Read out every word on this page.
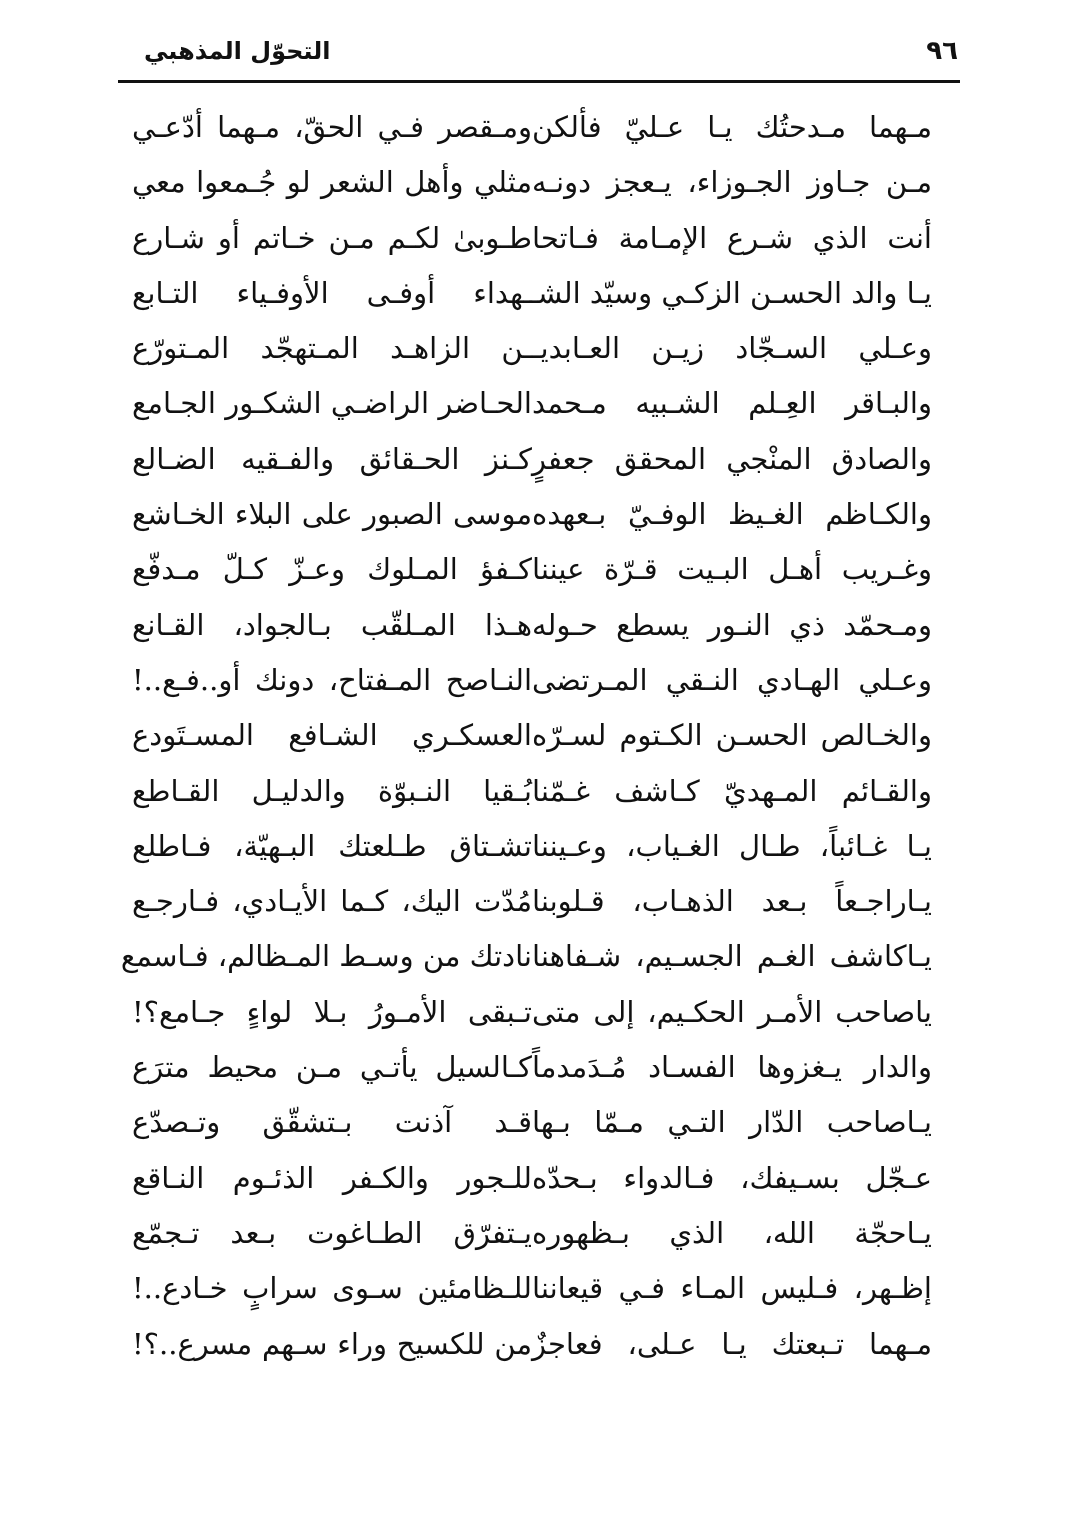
٩٦
التحوّل المذهبي
مـهما مـدحتُك يـا عـليّ فألكن
مـن جـاوز الجـوزاء، يـعجز دونـه
أنت الذي شـرع الإمـامة فـاتحا
يـا والد الحسـن الزكـي وسيّد الشـ
وعـلي السـجّاد زيـن العـابديـ
والبـاقر العِـلم الشـبيه مـحمد
والصادق المنْجي المحقق جعفرٍ
والكـاظم الغـيظ الوفـيّ بـعهده
وغـريب أهـل البـيت قـرّة عيننا
ومـحمّد ذي النـور يسطع حـوله
وعـلي الهـادي النـقي المـرتضى
والخـالص الحسـن الكـتوم لسـرّه
والقـائم المـهديّ كـاشف غـمّنا
يـا غـائباً، طـال الغـياب، وعـيننا
يـاراجـعاً بـعد الذهـاب، قـلوبنا
يـاكاشف الغـم الجسـيم، شـفاهنا
ياصاحب الأمـر الحكـيم، إلى متى
والدار يـغزوها الفسـاد مُـدَمدماً
يـاصاحب الدّار التـي مـمّا بـها
عـجّل بسـيفك، فـالدواء بـحدّه
يـاحجّة الله، الذي بـظهوره
إظـهر، فـليس المـاء فـي قيعاننا
مـهما تـبعتك يـا عـلى، فعاجزٌ
ومـقصر فـي الحقّ، مـهما أدّعـي
مثلي وأهل الشعر لو جُـمعوا معي
طـوبىٰ لكـم مـن خـاتم أو شـارع
ـهداء أوفـى الأوفـياء التـابع
ـن الزاهـد المـتهجّد المـتورّع
الحـاضر الراضـي الشكـور الجـامع
كـنز الحـقائق والفـقيه الضـالع
موسى الصبور على البلاء الخـاشع
كـفؤ المـلوك وعـزّ كـلّ مـدفّع
هـذا المـلقّب بـالجواد، القـانع
النـاصح المـفتاح، دونك أو..فـع..!
العسكـري الشـافع المسـتَودع
بُـقيا النـبوّة والدليـل القـاطع
تشـتاق طـلعتك البـهيّة، فـاطلع
مُدّت اليك، كـما الأيـادي، فـارجـع
نادتك من وسـط المـظالم، فـاسمع
تـبقى الأمـورُ بـلا لواءٍ جـامع؟!
كـالسيل يأتـي مـن محيط مترَع
قـد آذنت بـتشقّق وتـصدّع
للـجور والكـفر الذئـوم النـاقع
يـتفرّق الطـاغوت بـعد تـجمّع
للـظامئين سـوى سرابٍ خـادع..!
من للكسيح وراء سـهم مسرع..؟!
